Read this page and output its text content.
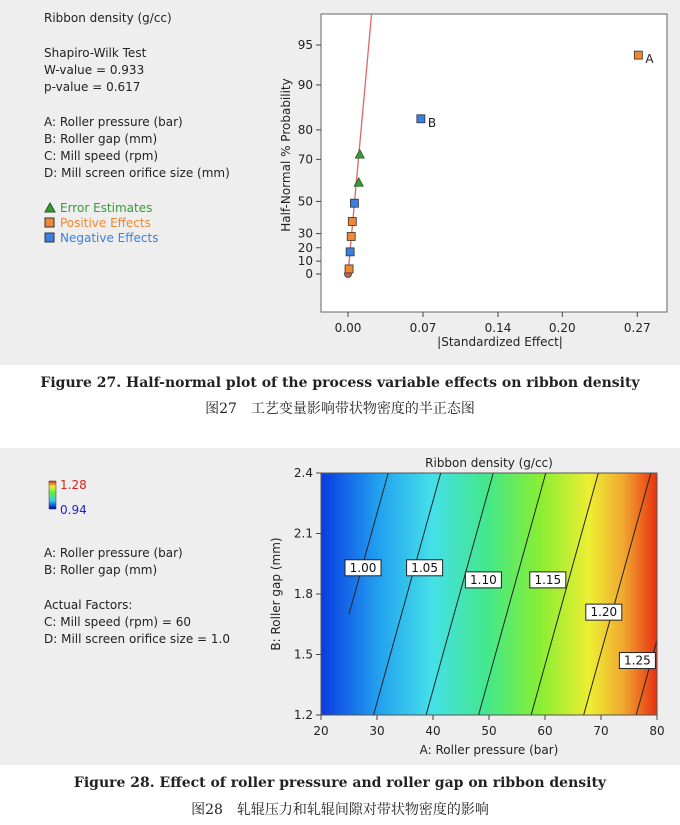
Ribbon density (g/cc)
Shapiro-Wilk Test
W-value = 0.933
p-value = 0.617
A: Roller pressure (bar)
B: Roller gap (mm)
C: Mill speed (rpm)
D: Mill screen orifice size (mm)
Error Estimates
Positive Effects
Negative Effects
0
10
20
30
50
70
80
90
95
0.00	0.07	0.14	0.20	0.27
A
B
|Standardized Effect|
Half-Normal % Probability
Figure 27. Half-normal plot of the process variable effects on ribbon density
图27　工艺变量影响带状物密度的半正态图
1.28
0.94
A: Roller pressure (bar)
B: Roller gap (mm)
Actual Factors:
C: Mill speed (rpm) = 60
D: Mill screen orifice size = 1.0
Ribbon density (g/cc)
1.00	1.05
1.10	1.15
1.20
1.25
20	30	40	50	60	70	80
1.2
1.5
1.8
2.1
2.4
A: Roller pressure (bar)
B: Roller gap (mm)
Figure 28. Effect of roller pressure and roller gap on ribbon density
图28　轧辊压力和轧辊间隙对带状物密度的影响
